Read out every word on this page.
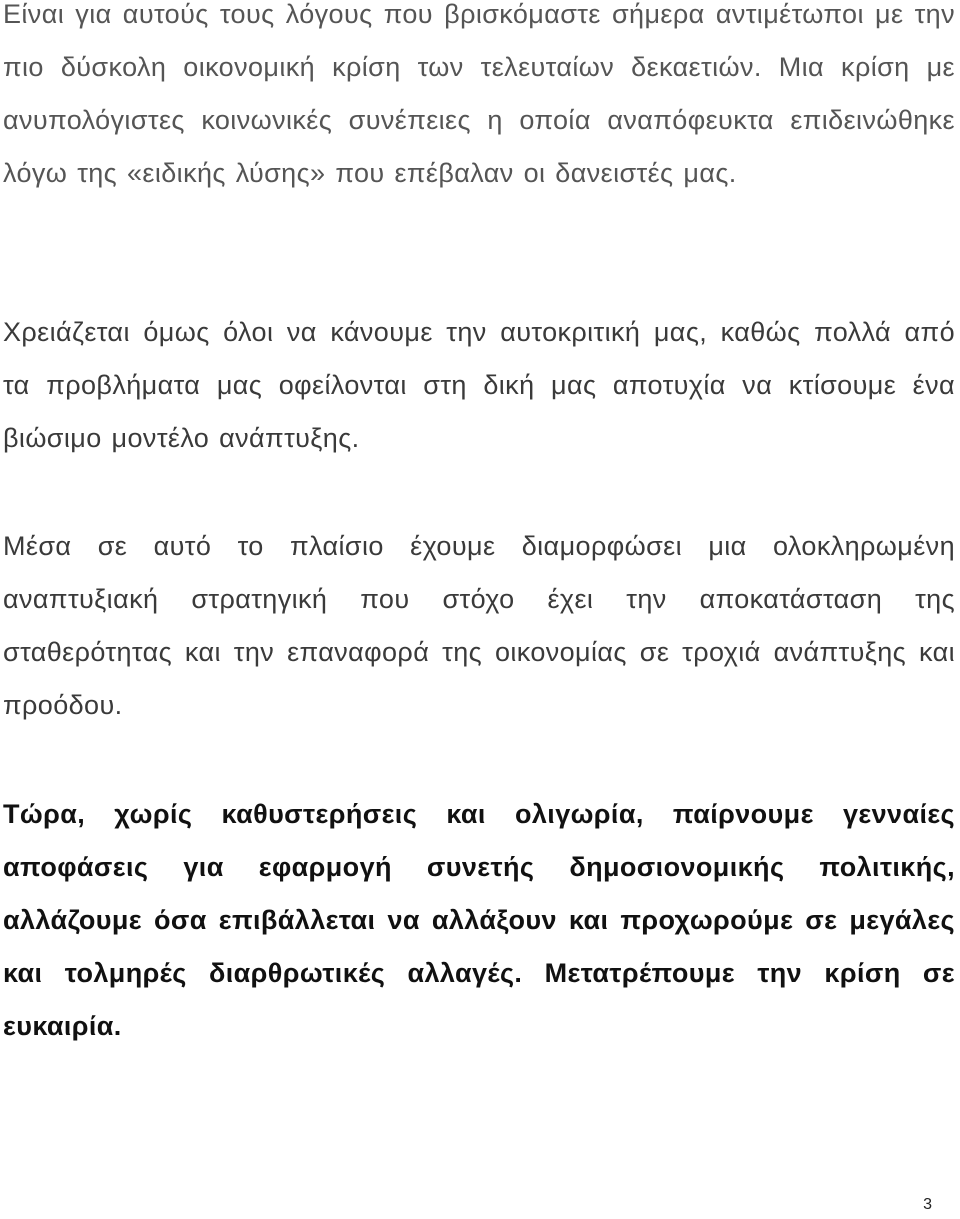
Είναι για αυτούς τους λόγους που βρισκόμαστε σήμερα αντιμέτωποι με την πιο δύσκολη οικονομική κρίση των τελευταίων δεκαετιών. Μια κρίση με ανυπολόγιστες κοινωνικές συνέπειες η οποία αναπόφευκτα επιδεινώθηκε λόγω της «ειδικής λύσης» που επέβαλαν οι δανειστές μας.

Χρειάζεται όμως όλοι να κάνουμε την αυτοκριτική μας, καθώς πολλά από τα προβλήματα μας οφείλονται στη δική μας αποτυχία να κτίσουμε ένα βιώσιμο μοντέλο ανάπτυξης.

Μέσα σε αυτό το πλαίσιο έχουμε διαμορφώσει μια ολοκληρωμένη αναπτυξιακή στρατηγική που στόχο έχει την αποκατάσταση της σταθερότητας και την επαναφορά της οικονομίας σε τροχιά ανάπτυξης και προόδου.

Τώρα, χωρίς καθυστερήσεις και ολιγωρία, παίρνουμε γενναίες αποφάσεις για εφαρμογή συνετής δημοσιονομικής πολιτικής, αλλάζουμε όσα επιβάλλεται να αλλάξουν και προχωρούμε σε μεγάλες και τολμηρές διαρθρωτικές αλλαγές. Μετατρέπουμε την κρίση σε ευκαιρία.

3
